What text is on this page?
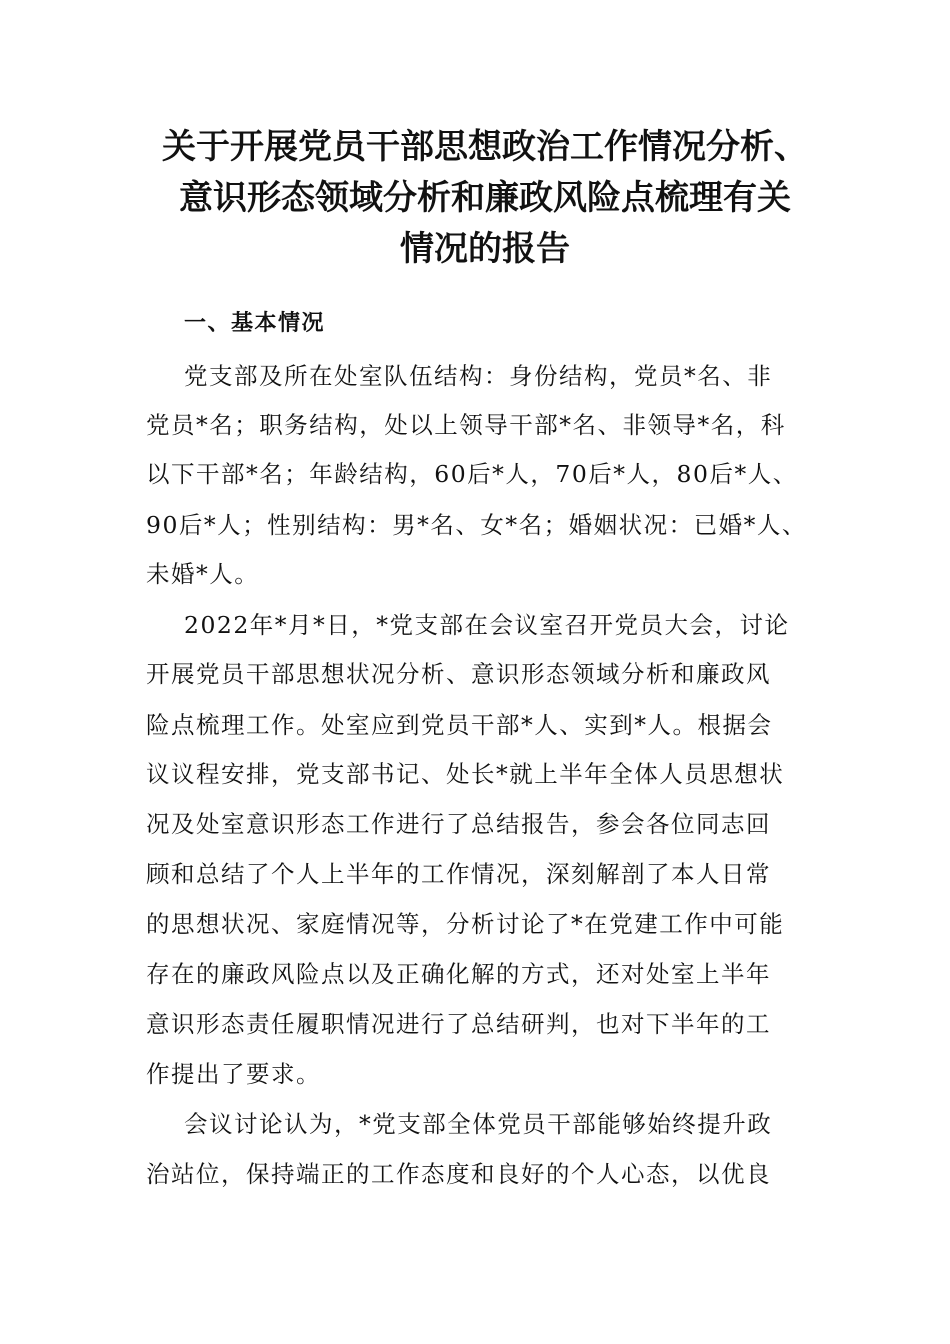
关于开展党员干部思想政治工作情况分析、
意识形态领域分析和廉政风险点梳理有关
情况的报告
一、基本情况
党支部及所在处室队伍结构：身份结构，党员*名、非
党员*名；职务结构，处以上领导干部*名、非领导*名，科
以下干部*名；年龄结构，60后*人，70后*人，80后*人、
90后*人；性别结构：男*名、女*名；婚姻状况：已婚*人、
未婚*人。
2022年*月*日，*党支部在会议室召开党员大会，讨论
开展党员干部思想状况分析、意识形态领域分析和廉政风
险点梳理工作。处室应到党员干部*人、实到*人。根据会
议议程安排，党支部书记、处长*就上半年全体人员思想状
况及处室意识形态工作进行了总结报告，参会各位同志回
顾和总结了个人上半年的工作情况，深刻解剖了本人日常
的思想状况、家庭情况等，分析讨论了*在党建工作中可能
存在的廉政风险点以及正确化解的方式，还对处室上半年
意识形态责任履职情况进行了总结研判，也对下半年的工
作提出了要求。
会议讨论认为，*党支部全体党员干部能够始终提升政
治站位，保持端正的工作态度和良好的个人心态，以优良
